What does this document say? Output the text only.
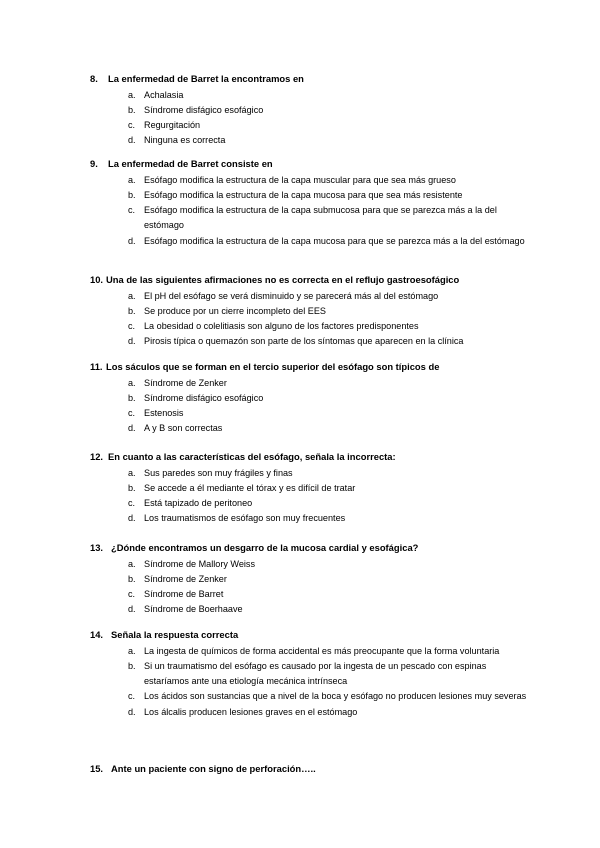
8. La enfermedad de Barret la encontramos en
a. Achalasia
b. Síndrome disfágico esofágico
c. Regurgitación
d. Ninguna es correcta
9. La enfermedad de Barret consiste en
a. Esófago modifica la estructura de la capa muscular para que sea más grueso
b. Esófago modifica la estructura de la capa mucosa para que sea más resistente
c. Esófago modifica la estructura de la capa submucosa para que se parezca más a la del estómago
d. Esófago modifica la estructura de la capa mucosa para que se parezca más a la del estómago
10. Una de las siguientes afirmaciones no es correcta en el reflujo gastroesofágico
a. El pH del esófago se verá disminuido y se parecerá más al del estómago
b. Se produce por un cierre incompleto del EES
c. La obesidad o colelitiasis son alguno de los factores predisponentes
d. Pirosis típica o quemazón son parte de los síntomas que aparecen en la clínica
11. Los sáculos que se forman en el tercio superior del esófago son típicos de
a. Síndrome de Zenker
b. Síndrome disfágico esofágico
c. Estenosis
d. A y B son correctas
12. En cuanto a las características del esófago, señala la incorrecta:
a. Sus paredes son muy frágiles y finas
b. Se accede a él mediante el tórax y es difícil de tratar
c. Está tapizado de peritoneo
d. Los traumatismos de esófago son muy frecuentes
13. ¿Dónde encontramos un desgarro de la mucosa cardial y esofágica?
a. Síndrome de Mallory Weiss
b. Síndrome de Zenker
c. Síndrome de Barret
d. Síndrome de Boerhaave
14. Señala la respuesta correcta
a. La ingesta de químicos de forma accidental es más preocupante que la forma voluntaria
b. Si un traumatismo del esófago es causado por la ingesta de un pescado con espinas estaríamos ante una etiología mecánica intrínseca
c. Los ácidos son sustancias que a nivel de la boca y esófago no producen lesiones muy severas
d. Los álcalis producen lesiones graves en el estómago
15. Ante un paciente con signo de perforación…..
